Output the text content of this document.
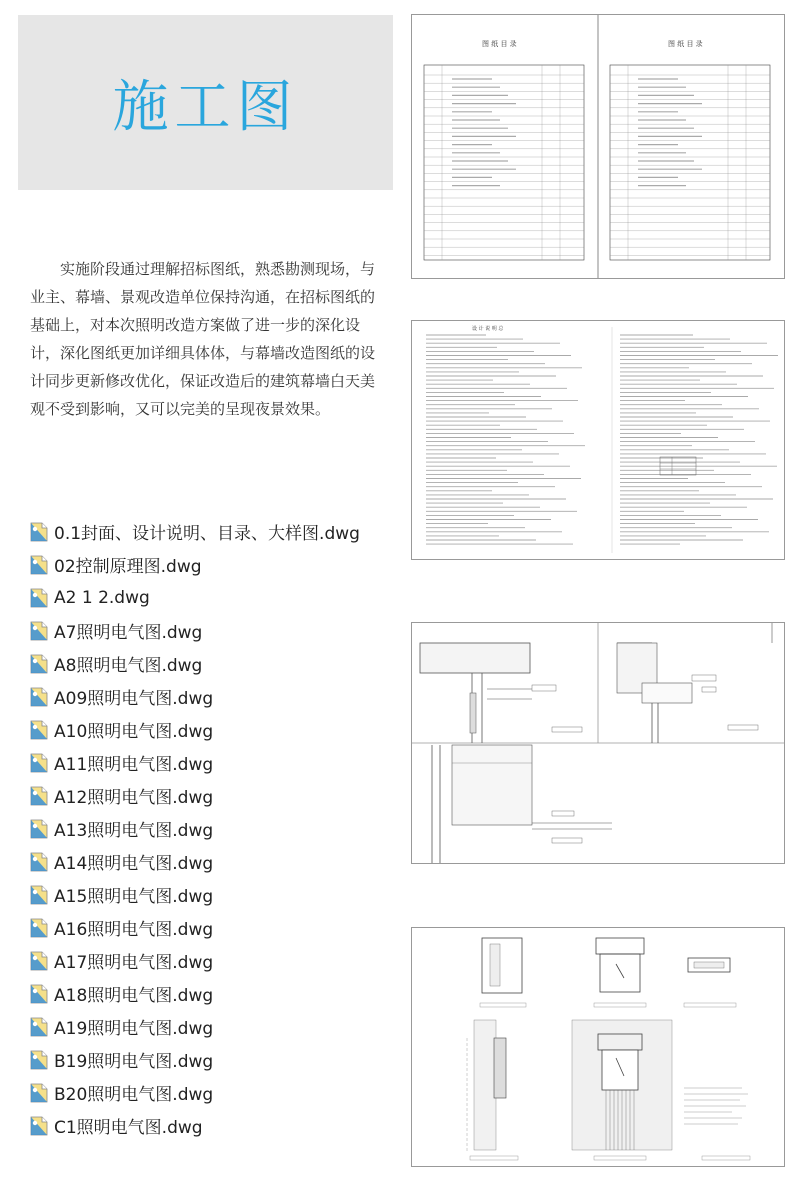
施工图
实施阶段通过理解招标图纸，熟悉勘测现场，与业主、幕墙、景观改造单位保持沟通，在招标图纸的基础上，对本次照明改造方案做了进一步的深化设计，深化图纸更加详细具体体，与幕墙改造图纸的设计同步更新修改优化，保证改造后的建筑幕墙白天美观不受到影响，又可以完美的呈现夜景效果。
0.1封面、设计说明、目录、大样图.dwg
02控制原理图.dwg
A2 1 2.dwg
A7照明电气图.dwg
A8照明电气图.dwg
A09照明电气图.dwg
A10照明电气图.dwg
A11照明电气图.dwg
A12照明电气图.dwg
A13照明电气图.dwg
A14照明电气图.dwg
A15照明电气图.dwg
A16照明电气图.dwg
A17照明电气图.dwg
A18照明电气图.dwg
A19照明电气图.dwg
B19照明电气图.dwg
B20照明电气图.dwg
C1照明电气图.dwg
图 纸 目 录	图 纸 目 录
设 计 说 明 总
